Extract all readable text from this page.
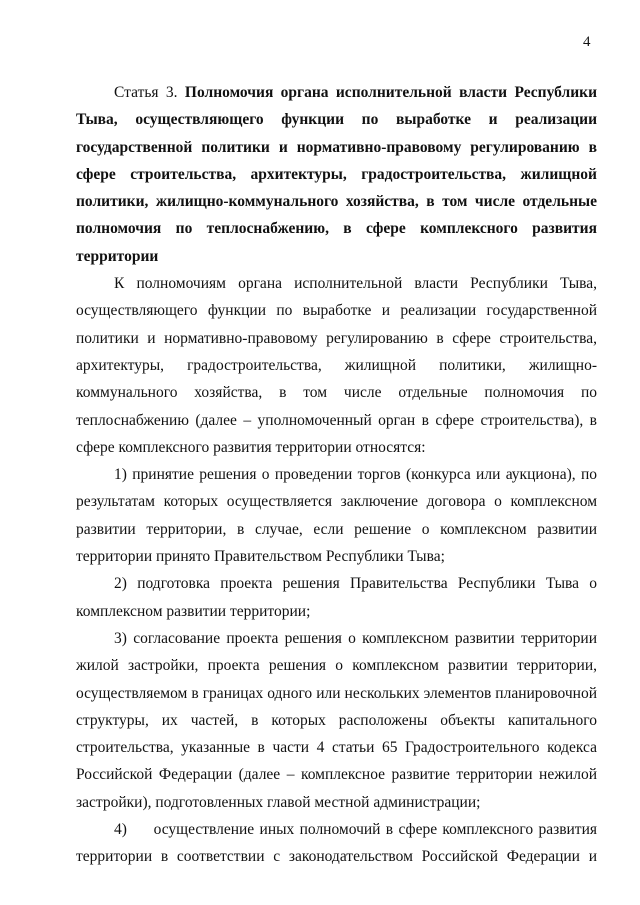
4

Статья 3. Полномочия органа исполнительной власти Республики Тыва, осуществляющего функции по выработке и реализации государственной политики и нормативно-правовому регулированию в сфере строительства, архитектуры, градостроительства, жилищной политики, жилищно-коммунального хозяйства, в том числе отдельные полномочия по теплоснабжению, в сфере комплексного развития территории

К полномочиям органа исполнительной власти Республики Тыва, осуществляющего функции по выработке и реализации государственной политики и нормативно-правовому регулированию в сфере строительства, архитектуры, градостроительства, жилищной политики, жилищно-коммунального хозяйства, в том числе отдельные полномочия по теплоснабжению (далее – уполномоченный орган в сфере строительства), в сфере комплексного развития территории относятся:

1) принятие решения о проведении торгов (конкурса или аукциона), по результатам которых осуществляется заключение договора о комплексном развитии территории, в случае, если решение о комплексном развитии территории принято Правительством Республики Тыва;

2) подготовка проекта решения Правительства Республики Тыва о комплексном развитии территории;

3) согласование проекта решения о комплексном развитии территории жилой застройки, проекта решения о комплексном развитии территории, осуществляемом в границах одного или нескольких элементов планировочной структуры, их частей, в которых расположены объекты капитального строительства, указанные в части 4 статьи 65 Градостроительного кодекса Российской Федерации (далее – комплексное развитие территории нежилой застройки), подготовленных главой местной администрации;

4) осуществление иных полномочий в сфере комплексного развития территории в соответствии с законодательством Российской Федерации и
